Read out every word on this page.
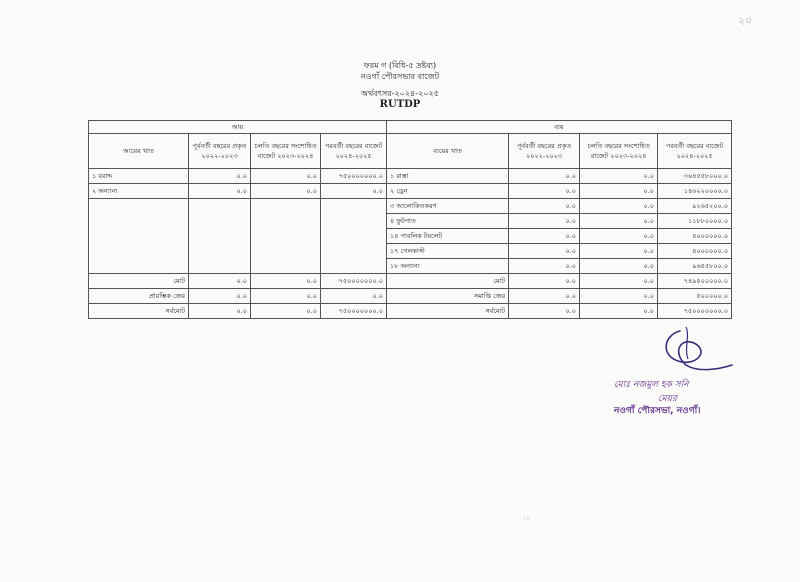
২০
ফরম গ (বিধি-৫ দ্রষ্টব্য)
নওগাঁ পৌরসভার বাজেট
অর্থবৎসর-২০২৪-২০২৫
RUTDP
আয়				ব্যয়			
আয়ের খাত	পূর্ববর্তী বছরের প্রকৃত ২০২২-২০২৩	চলতি বছরের সংশোধিত বাজেট ২০২৩-২০২৪	পরবর্তী বছরের বাজেট ২০২৪-২০২৫	ব্যয়ের খাত	পূর্ববর্তী বছরের প্রকৃত ২০২২-২০২৩	চলতি বছরের সংশোধিত বাজেট ২০২৩-২০২৪	পরবর্তী বছরের বাজেট ২০২৪-২০২৫
১ বরাদ্দ	০.০	০.০	৭৫০০০০০০০.০	১ রাস্তা	০.০	০.০	৩৬৪৫৫৮০০০.০
২ অন্যান্য	০.০	০.০	০.০	২ ড্রেন	০.০	০.০	১৪৬২২০০০০.০
				৩ আলোকিতকরণ	০.০	০.০	৯২৬৫২০০.০
				৪ ফুটপাত	০.০	০.০	১১৮৮০০০০.০
				১৪ পাবলিক টয়লেট	০.০	০.০	৪০০০০০০.০
				১৭ গেলকাস্ট	০.০	০.০	৪০০০০০০.০
				১৮ অন্যান্য	০.০	০.০	৯৬৫৫৮০০.০
মোট	০.০	০.০	৭৫০০০০০০০.০	মোট	০.০	০.০	৭৪৯৫০০০০০.০
প্রারম্ভিক জের	০.০	০.০	০.০	সমাপ্তি জের	০.০	০.০	৫০০০০০.০
সর্বমোট	০.০	০.০	৭৫০০০০০০০.০	সর্বমোট	০.০	০.০	৭৫০০০০০০০.০
মোঃ নজমুল হক সনি
মেয়র
নওগাঁ পৌরসভা, নওগাঁ।
২৮
